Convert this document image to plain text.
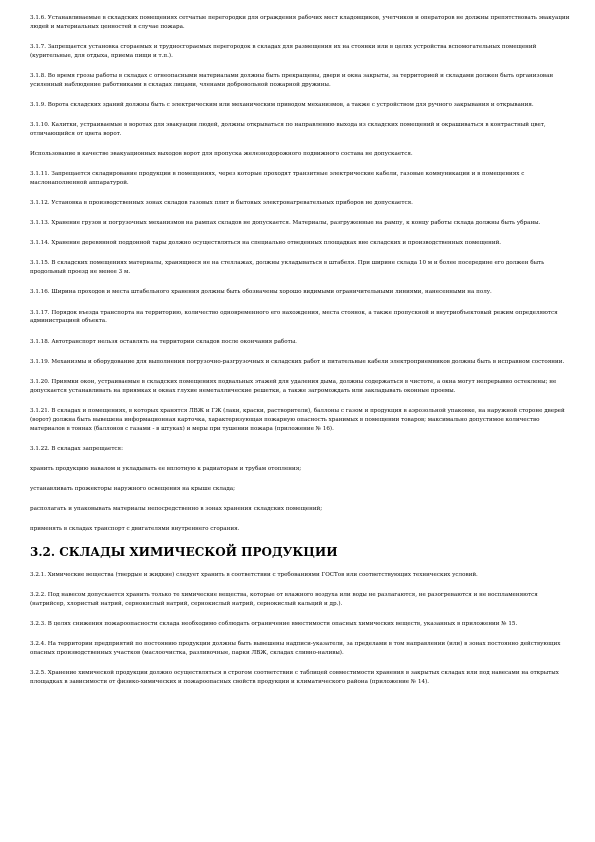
3.1.6. Устанавливаемые в складских помещениях сетчатые перегородки для ограждения рабочих мест кладовщиков, учетчиков и операторов не должны препятствовать эвакуации людей и материальных ценностей в случае пожара.

3.1.7. Запрещается установка сгораемых и трудносгораемых перегородок в складах для размещения их на стоянки или в целях устройства вспомогательных помещений (курительные, для отдыха, приема пищи и т.п.).

3.1.8. Во время грозы работы в складах с огнеопасными материалами должны быть прекращены, двери и окна закрыты, за территорией и складами должен быть организован усиленный наблюдение работниками в складах лицами, членами добровольной пожарной дружины.

3.1.9. Ворота складских зданий должны быть с электрическим или механическим приводом механизмов, а также с устройством для ручного закрывания и открывания.

3.1.10. Калитки, устраиваемые в воротах для эвакуации людей, должны открываться по направлению выхода из складских помещений и окрашиваться в контрастный цвет, отличающийся от цвета ворот.

Использование в качестве эвакуационных выходов ворот для пропуска железнодорожного подвижного состава не допускается.

3.1.11. Запрещается складирование продукции в помещениях, через которые проходят транзитные электрические кабели, газовые коммуникации и в помещениях с маслонаполненной аппаратурой.

3.1.12. Установка в производственных зонах складов газовых плит и бытовых электронагревательных приборов не допускается.

3.1.13. Хранение грузов и погрузочных механизмов на рампах складов не допускается. Материалы, разгруженные на рампу, к концу работы склада должны быть убраны.

3.1.14. Хранение деревянной поддонной тары должно осуществляться на специально отведенных площадках вне складских и производственных помещений.

3.1.15. В складских помещениях материалы, хранящиеся не на стеллажах, должны укладываться в штабеля. При ширине склада 10 м и более посередине его должен быть продольный проезд не менее 3 м.

3.1.16. Ширина проходов и места штабельного хранения должны быть обозначены хорошо видимыми ограничительными линиями, нанесенными на полу.

3.1.17. Порядок въезда транспорта на территорию, количество одновременного его нахождения, места стоянок, а также пропускной и внутриобъектовый режим определяются администрацией объекта.

3.1.18. Автотранспорт нельзя оставлять на территории складов после окончания работы.

3.1.19. Механизмы и оборудование для выполнения погрузочно-разгрузочных и складских работ и питательные кабели электроприемников должны быть в исправном состоянии.

3.1.20. Приямки окон, устраиваемые в складских помещениях подвальных этажей для удаления дыма, должны содержаться в чистоте, а окна могут непрерывно остеклены; не допускается устанавливать на приямках и окнах глухие неметаллические решетки, а также загромождать или закладывать оконные проемы.

3.1.21. В складах и помещениях, в которых хранятся ЛВЖ и ГЖ (лаки, краски, растворители), баллоны с газом и продукция в аэрозольной упаковке, на наружной стороне дверей (ворот) должна быть вывешена информационная карточка, характеризующая пожарную опасность хранимых в помещении товаров; максимально допустимое количество материалов в тоннах (баллонов с газами - в штуках) и меры при тушении пожара (приложение № 16).

3.1.22. В складах запрещается:

хранить продукцию навалом и укладывать ее вплотную к радиаторам и трубам отопления;

устанавливать прожекторы наружного освещения на крыше склада;

располагать и упаковывать материалы непосредственно в зонах хранения складских помещений;

применять в складах транспорт с двигателями внутреннего сгорания.

3.2. СКЛАДЫ ХИМИЧЕСКОЙ ПРОДУКЦИИ

3.2.1. Химические вещества (твердые и жидкие) следует хранить в соответствии с требованиями ГОСТов или соответствующих технических условий.

3.2.2. Под навесом допускается хранить только те химические вещества, которые от влажного воздуха или воды не разлагаются, не разогреваются и не воспламеняются (натрийсер, хлористый натрий, сернокислый натрий, сернокислый натрий, сернокислый кальций и др.).

3.2.3. В целях снижения пожароопасности склада необходимо соблюдать ограничение вместимости опасных химических веществ, указанных в приложении № 15.

3.2.4. На территории предприятий по постоянию продукции должны быть вывешены надписи-указатели, за пределами в том направлении (или) в зонах постоянно действующих опасных производственных участков (маслоочистка, разливочные, парки ЛВЖ, складах сливно-наливы).

3.2.5. Хранение химической продукции должно осуществляться в строгом соответствии с таблицей совместимости хранения в закрытых складах или под навесами на открытых площадках в зависимости от физико-химических и пожароопасных свойств продукции и климатического района (приложение № 14).
